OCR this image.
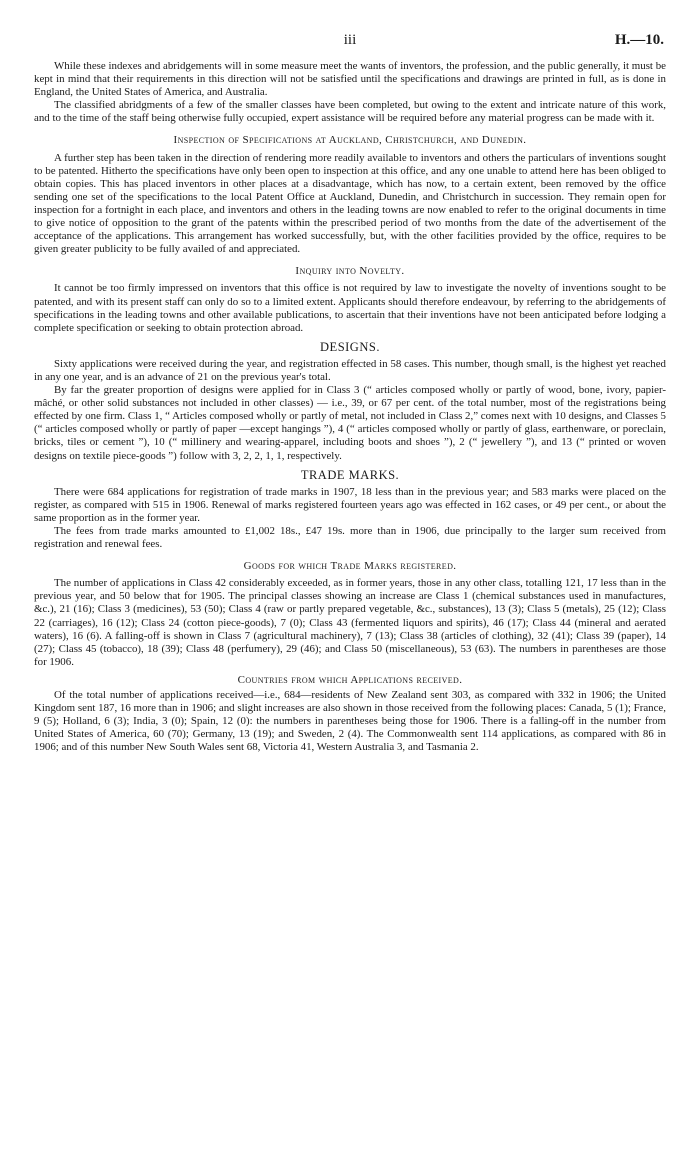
iii	H.—10.

While these indexes and abridgements will in some measure meet the wants of inventors, the profession, and the public generally, it must be kept in mind that their requirements in this direction will not be satisfied until the specifications and drawings are printed in full, as is done in England, the United States of America, and Australia.

The classified abridgments of a few of the smaller classes have been completed, but owing to the extent and intricate nature of this work, and to the time of the staff being otherwise fully occupied, expert assistance will be required before any material progress can be made with it.

Inspection of Specifications at Auckland, Christchurch, and Dunedin.

A further step has been taken in the direction of rendering more readily available to inventors and others the particulars of inventions sought to be patented. Hitherto the specifications have only been open to inspection at this office, and any one unable to attend here has been obliged to obtain copies. This has placed inventors in other places at a disadvantage, which has now, to a certain extent, been removed by the office sending one set of the specifications to the local Patent Office at Auckland, Dunedin, and Christchurch in succession. They remain open for inspection for a fortnight in each place, and inventors and others in the leading towns are now enabled to refer to the original documents in time to give notice of opposition to the grant of the patents within the prescribed period of two months from the date of the advertisement of the acceptance of the applications. This arrangement has worked successfully, but, with the other facilities provided by the office, requires to be given greater publicity to be fully availed of and appreciated.

Inquiry into Novelty.

It cannot be too firmly impressed on inventors that this office is not required by law to investigate the novelty of inventions sought to be patented, and with its present staff can only do so to a limited extent. Applicants should therefore endeavour, by referring to the abridgements of specifications in the leading towns and other available publications, to ascertain that their inventions have not been anticipated before lodging a complete specification or seeking to obtain protection abroad.

DESIGNS.

Sixty applications were received during the year, and registration effected in 58 cases. This number, though small, is the highest yet reached in any one year, and is an advance of 21 on the previous year's total.

By far the greater proportion of designs were applied for in Class 3 (“ articles composed wholly or partly of wood, bone, ivory, papier-mâché, or other solid substances not included in other classes) — i.e., 39, or 67 per cent. of the total number, most of the registrations being effected by one firm. Class 1, “ Articles composed wholly or partly of metal, not included in Class 2,” comes next with 10 designs, and Classes 5 (“ articles composed wholly or partly of paper —except hangings ”), 4 (“ articles composed wholly or partly of glass, earthenware, or poreclain, bricks, tiles or cement ”), 10 (“ millinery and wearing-apparel, including boots and shoes ”), 2 (“ jewellery ”), and 13 (“ printed or woven designs on textile piece-goods ”) follow with 3, 2, 2, 1, 1, respectively.

TRADE MARKS.

There were 684 applications for registration of trade marks in 1907, 18 less than in the previous year; and 583 marks were placed on the register, as compared with 515 in 1906. Renewal of marks registered fourteen years ago was effected in 162 cases, or 49 per cent., or about the same proportion as in the former year.

The fees from trade marks amounted to £1,002 18s., £47 19s. more than in 1906, due principally to the larger sum received from registration and renewal fees.

Goods for which Trade Marks registered.

The number of applications in Class 42 considerably exceeded, as in former years, those in any other class, totalling 121, 17 less than in the previous year, and 50 below that for 1905. The principal classes showing an increase are Class 1 (chemical substances used in manufactures, &c.), 21 (16); Class 3 (medicines), 53 (50); Class 4 (raw or partly prepared vegetable, &c., substances), 13 (3); Class 5 (metals), 25 (12); Class 22 (carriages), 16 (12); Class 24 (cotton piece-goods), 7 (0); Class 43 (fermented liquors and spirits), 46 (17); Class 44 (mineral and aerated waters), 16 (6). A falling-off is shown in Class 7 (agricultural machinery), 7 (13); Class 38 (articles of clothing), 32 (41); Class 39 (paper), 14 (27); Class 45 (tobacco), 18 (39); Class 48 (perfumery), 29 (46); and Class 50 (miscellaneous), 53 (63). The numbers in parentheses are those for 1906.

Countries from which Applications received.

Of the total number of applications received—i.e., 684—residents of New Zealand sent 303, as compared with 332 in 1906; the United Kingdom sent 187, 16 more than in 1906; and slight increases are also shown in those received from the following places: Canada, 5 (1); France, 9 (5); Holland, 6 (3); India, 3 (0); Spain, 12 (0): the numbers in parentheses being those for 1906. There is a falling-off in the number from United States of America, 60 (70); Germany, 13 (19); and Sweden, 2 (4). The Commonwealth sent 114 applications, as compared with 86 in 1906; and of this number New South Wales sent 68, Victoria 41, Western Australia 3, and Tasmania 2.
